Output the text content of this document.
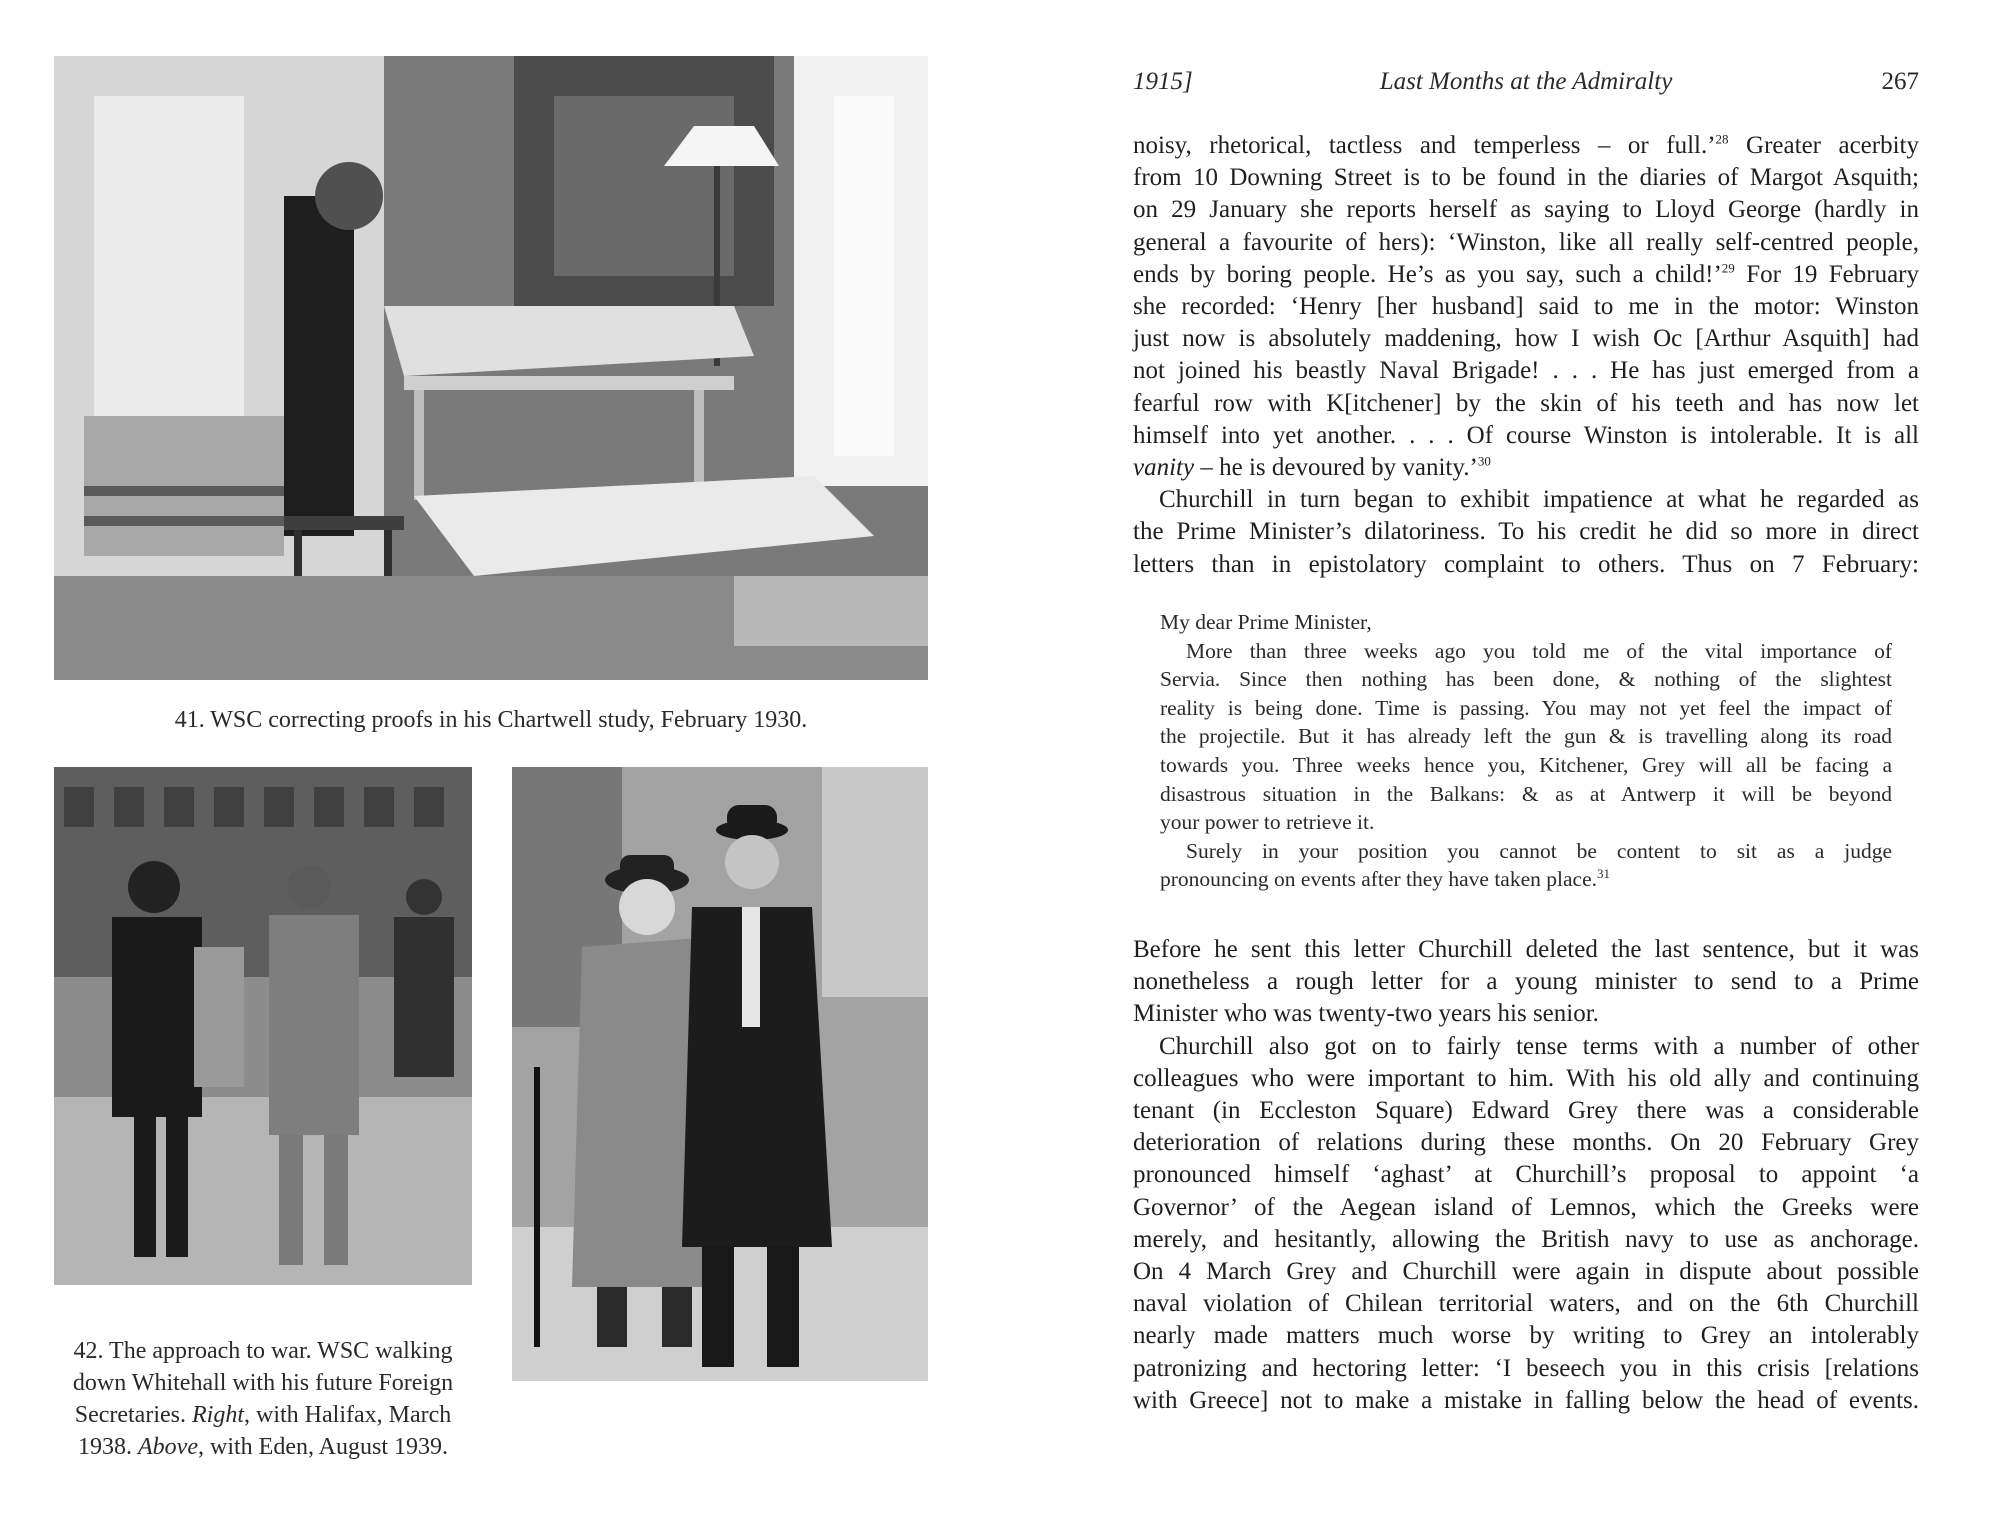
41. WSC correcting proofs in his Chartwell study, February 1930.
42. The approach to war. WSC walking
down Whitehall with his future Foreign
Secretaries. Right, with Halifax, March
1938. Above, with Eden, August 1939.
1915]	Last Months at the Admiralty	267

noisy, rhetorical, tactless and temperless – or full.’$^{28}$ Greater acerbity
from 10 Downing Street is to be found in the diaries of Margot Asquith;
on 29 January she reports herself as saying to Lloyd George (hardly in
general a favourite of hers): ‘Winston, like all really self-centred people,
ends by boring people. He’s as you say, such a child!’$^{29}$ For 19 February
she recorded: ‘Henry [her husband] said to me in the motor: Winston
just now is absolutely maddening, how I wish Oc [Arthur Asquith] had
not joined his beastly Naval Brigade! . . . He has just emerged from a
fearful row with K[itchener] by the skin of his teeth and has now let
himself into yet another. . . . Of course Winston is intolerable. It is all
vanity – he is devoured by vanity.’$^{30}$

Churchill in turn began to exhibit impatience at what he regarded as
the Prime Minister’s dilatoriness. To his credit he did so more in direct
letters than in epistolatory complaint to others. Thus on 7 February:

My dear Prime Minister,
More than three weeks ago you told me of the vital importance of
Servia. Since then nothing has been done, & nothing of the slightest
reality is being done. Time is passing. You may not yet feel the impact of
the projectile. But it has already left the gun & is travelling along its road
towards you. Three weeks hence you, Kitchener, Grey will all be facing a
disastrous situation in the Balkans: & as at Antwerp it will be beyond
your power to retrieve it.
Surely in your position you cannot be content to sit as a judge
pronouncing on events after they have taken place.$^{31}$

Before he sent this letter Churchill deleted the last sentence, but it was
nonetheless a rough letter for a young minister to send to a Prime
Minister who was twenty-two years his senior.

Churchill also got on to fairly tense terms with a number of other
colleagues who were important to him. With his old ally and continuing
tenant (in Eccleston Square) Edward Grey there was a considerable
deterioration of relations during these months. On 20 February Grey
pronounced himself ‘aghast’ at Churchill’s proposal to appoint ‘a
Governor’ of the Aegean island of Lemnos, which the Greeks were
merely, and hesitantly, allowing the British navy to use as anchorage.
On 4 March Grey and Churchill were again in dispute about possible
naval violation of Chilean territorial waters, and on the 6th Churchill
nearly made matters much worse by writing to Grey an intolerably
patronizing and hectoring letter: ‘I beseech you in this crisis [relations
with Greece] not to make a mistake in falling below the head of events.
